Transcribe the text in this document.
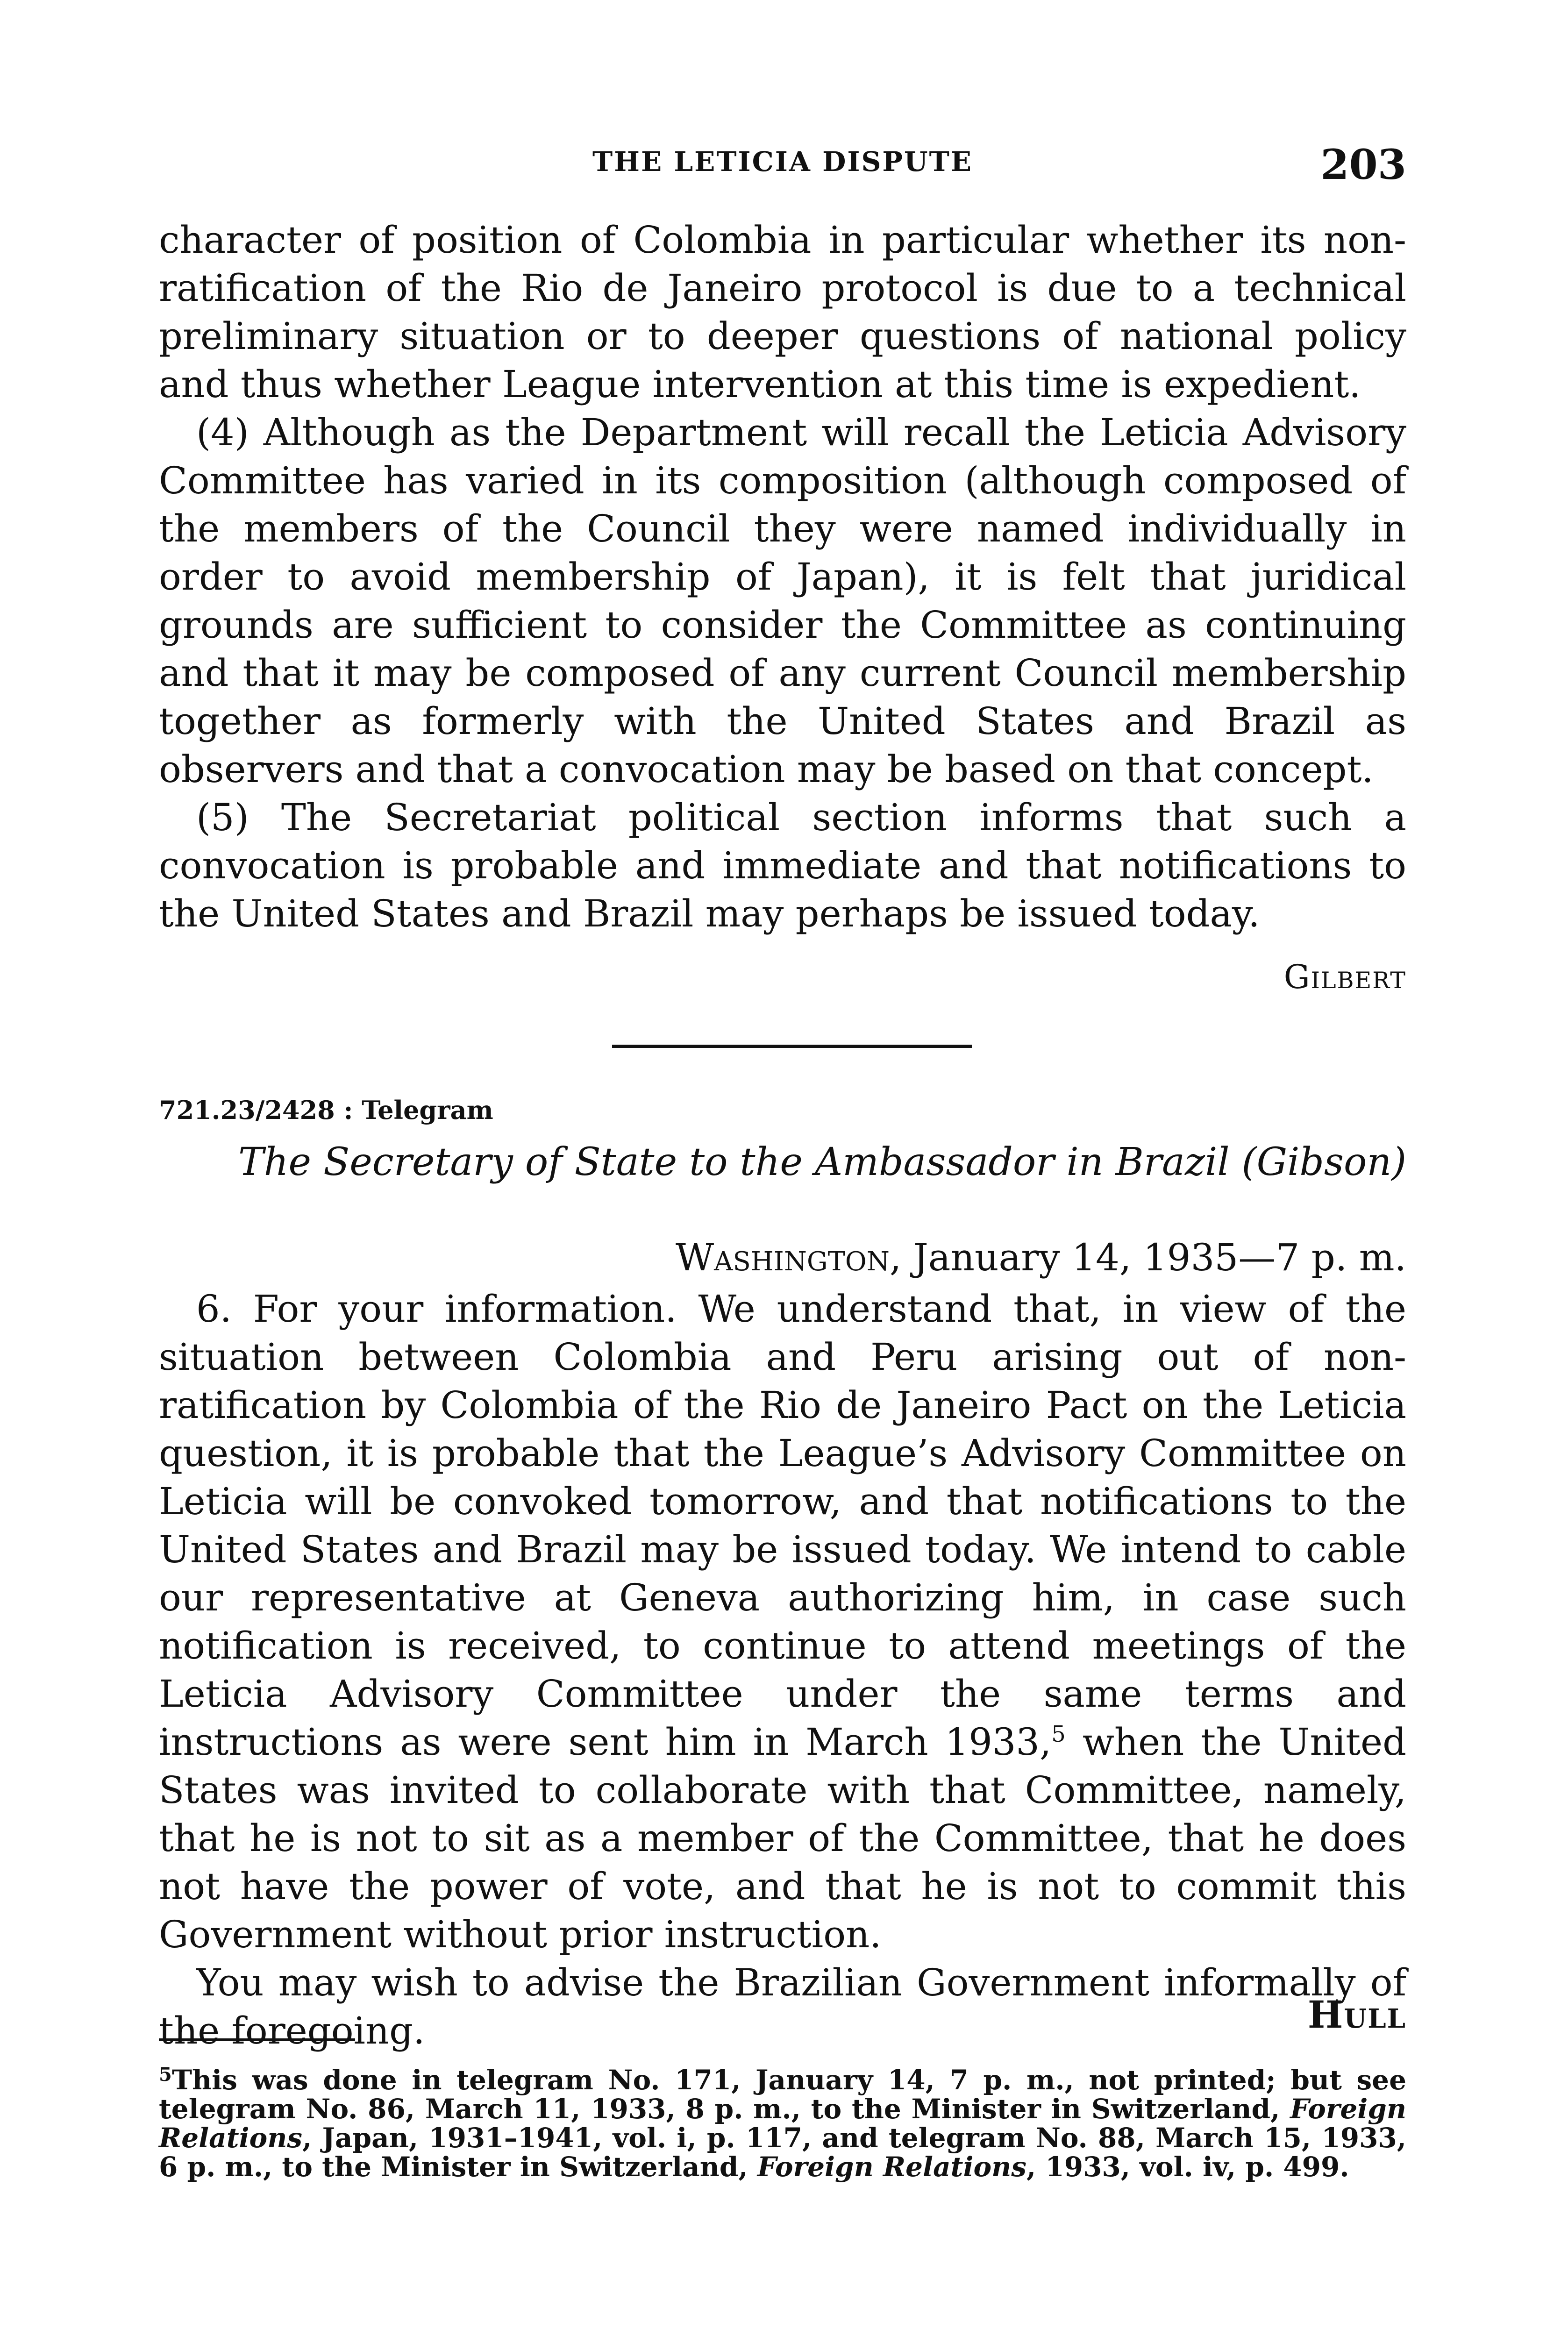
THE LETICIA DISPUTE	203

character of position of Colombia in particular whether its non-ratification of the Rio de Janeiro protocol is due to a technical preliminary situation or to deeper questions of national policy and thus whether League intervention at this time is expedient.

(4) Although as the Department will recall the Leticia Advisory Committee has varied in its composition (although composed of the members of the Council they were named individually in order to avoid membership of Japan), it is felt that juridical grounds are sufficient to consider the Committee as continuing and that it may be composed of any current Council membership together as formerly with the United States and Brazil as observers and that a convocation may be based on that concept.

(5) The Secretariat political section informs that such a convocation is probable and immediate and that notifications to the United States and Brazil may perhaps be issued today.

Gilbert
721.23/2428 : Telegram
The Secretary of State to the Ambassador in Brazil (Gibson)
Washington, January 14, 1935—7 p. m.

6. For your information. We understand that, in view of the situation between Colombia and Peru arising out of non-ratification by Colombia of the Rio de Janeiro Pact on the Leticia question, it is probable that the League’s Advisory Committee on Leticia will be convoked tomorrow, and that notifications to the United States and Brazil may be issued today. We intend to cable our representative at Geneva authorizing him, in case such notification is received, to continue to attend meetings of the Leticia Advisory Committee under the same terms and instructions as were sent him in March 1933,$^5$ when the United States was invited to collaborate with that Committee, namely, that he is not to sit as a member of the Committee, that he does not have the power of vote, and that he is not to commit this Government without prior instruction.

You may wish to advise the Brazilian Government informally of the foregoing.	Hull
$^5$This was done in telegram No. 171, January 14, 7 p. m., not printed; but see telegram No. 86, March 11, 1933, 8 p. m., to the Minister in Switzerland, Foreign Relations, Japan, 1931–1941, vol. i, p. 117, and telegram No. 88, March 15, 1933, 6 p. m., to the Minister in Switzerland, Foreign Relations, 1933, vol. iv, p. 499.
